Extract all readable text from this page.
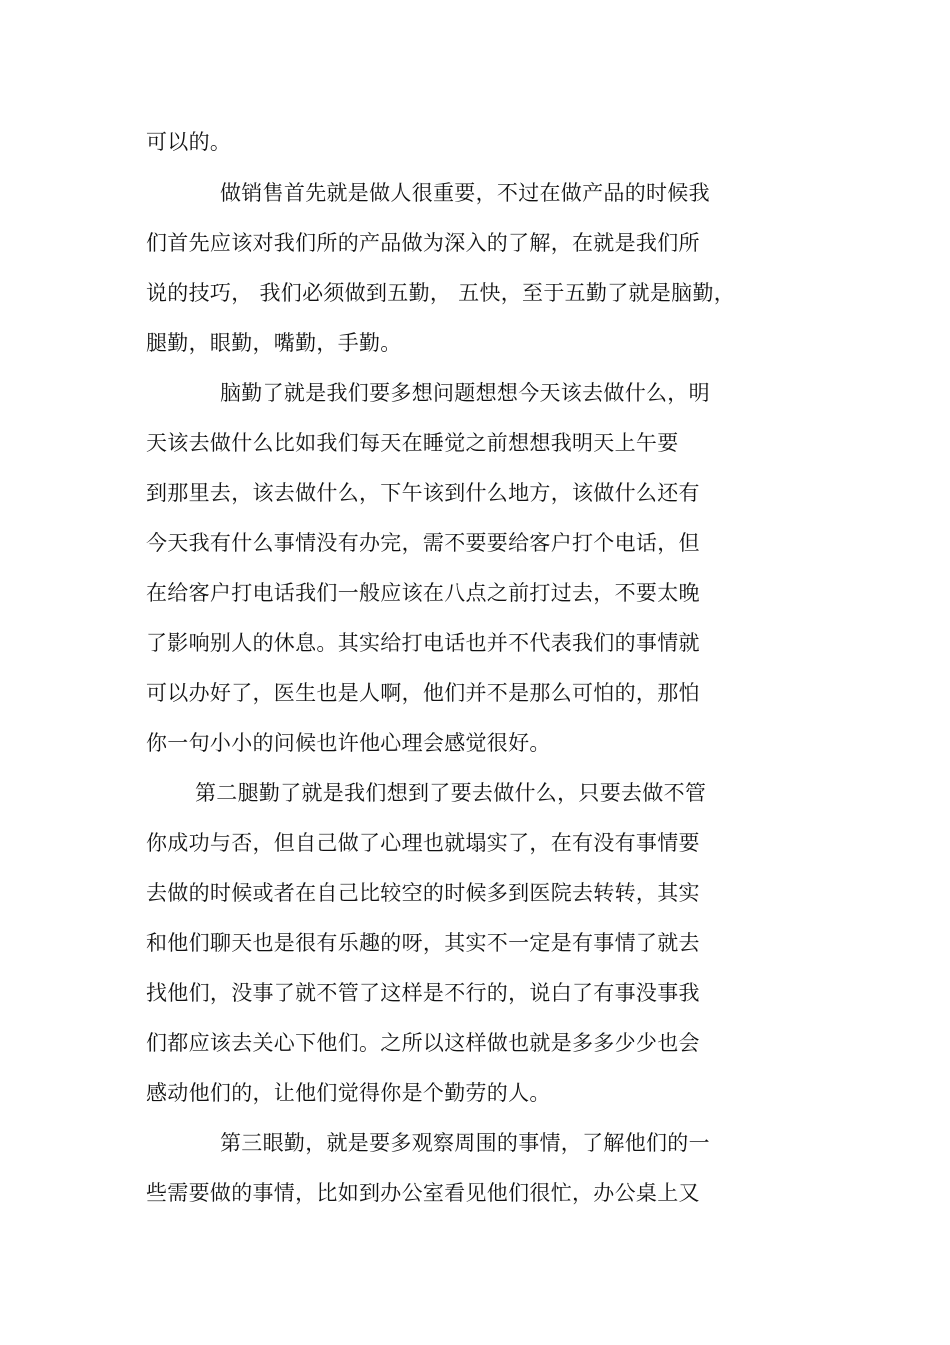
可以的。
做销售首先就是做人很重要，不过在做产品的时候我
们首先应该对我们所的产品做为深入的了解，在就是我们所
说的技巧， 我们必须做到五勤， 五快，至于五勤了就是脑勤，
腿勤，眼勤，嘴勤，手勤。
脑勤了就是我们要多想问题想想今天该去做什么，明
天该去做什么比如我们每天在睡觉之前想想我明天上午要
到那里去，该去做什么，下午该到什么地方，该做什么还有
今天我有什么事情没有办完，需不要要给客户打个电话，但
在给客户打电话我们一般应该在八点之前打过去，不要太晚
了影响别人的休息。其实给打电话也并不代表我们的事情就
可以办好了，医生也是人啊，他们并不是那么可怕的，那怕
你一句小小的问候也许他心理会感觉很好。
第二腿勤了就是我们想到了要去做什么，只要去做不管
你成功与否，但自己做了心理也就塌实了，在有没有事情要
去做的时候或者在自己比较空的时候多到医院去转转，其实
和他们聊天也是很有乐趣的呀，其实不一定是有事情了就去
找他们，没事了就不管了这样是不行的，说白了有事没事我
们都应该去关心下他们。之所以这样做也就是多多少少也会
感动他们的，让他们觉得你是个勤劳的人。
第三眼勤，就是要多观察周围的事情，了解他们的一
些需要做的事情，比如到办公室看见他们很忙，办公桌上又
